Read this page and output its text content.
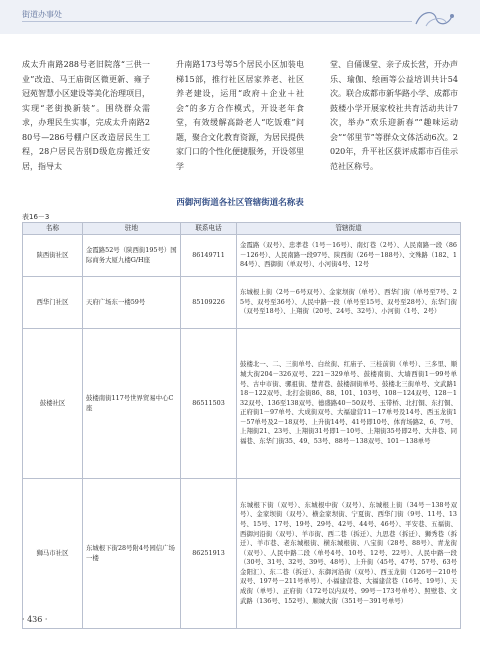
街道办事处
成太升南路288号老旧院落“三供一业”改造、马王庙街区微更新、雍子冠苑智慧小区建设等美化治理项目，实现“老街换新装”。围绕群众需求，办理民生实事，完成太升南路280号—286号棚户区改造居民生工程，28户居民告别D级危房搬迁安居，指导太
升南路173号等5个居民小区加装电梯15部，推行社区居家养老、社区养老建设，运用“政府＋企业＋社会”的多方合作模式，开设老年食堂，有效缓解高龄老人“吃饭难”问题，聚合文化教育资源，为居民提供家门口的个性化便捷服务，开设邻里学
堂、自俑课堂、亲子成长营，开办声乐、瑜伽、绘画等公益培训共计54次。联合成都市新华路小学、成都市鼓楼小学开展家校社共育活动共计7次，举办“欢乐迎新春”“趣味运动会”“邻里节”等群众文体活动6次。2020年，升平社区获评成都市百佳示范社区称号。
西御河街道各社区管辖街道名称表
表16－3
名称	驻地	联系电话	管辖街道
陕西街社区	金霞路52号（陕西街195号）国际商务大厦九楼G/H座	86149711	金霞路（双号）、忠孝巷（1号－16号）、南灯巷（2号）、人民南路一段（86－126号）、人民南路一段97号、陕西街（26号－188号）、文殊路（182、184号）、西御街（单双号）、小河街4号、12号
西华门社区	天府广场东一楼59号	85109226	东城根上街（2号－6号双号）、金家坝街（单号）、西华门街（单号至7号、25号、双号至36号）、人民中路一段（单号至15号、双号至28号）、东华门街（双号至18号）、上翔街（20号、24号、32号）、小河街（1号、2号）
鼓楼社区	鼓楼南街117号世界贸易中心C座	86511503	鼓楼北一、二、三街单号、白丝街、红庙子、三桂前街（单号）、三多里、顺城大街204－326双号、221－329单号、鼓楼南街、大墙西街1－99号单号、古中市街、骡祖街、楚青巷、鼓楼洞街单号、鼓楼北三街单号、文武路118－122双号、北打金街86、88、101、103号、108－124双号、128－132双号、136至138双号、德盛路40－50双号、玉带桥、北打铜、东打铜、正府街1－97单号、大成街双号、大福建营11－17单号及14号、西玉龙街1－57单号及2－18双号、上升街14号、41号即10号、体育场路2、6、7号、上翔街21、23号、上翔街31号即1－10号、上翔街35号即2号、大井巷、同福巷、东华门街35、49、53号、88号－138双号、101－138单号
狮马市社区	东城根下街28号附4号园信广场一楼	86251913	东城根下街（双号）、东城根中街（双号）、东城根上街（34号－138号双号）、金家坝街（双号）、横金家坝街、宁夏街、西华门街（9号、11号、13号、15号、17号、19号、29号、42号、44号、46号）、平安巷、五福街、西御河沿街（双号）、羊市街、西二巷（拆迁）、九思巷（拆迁）、狮秀巷（拆迁）、羊市巷、老东城根街、横东城根街、八宝街（28号、88号）、青龙街（双号）、人民中路二段（单号4号、10号、12号、22号）、人民中路一段（30号、31号、32号、39号、48号）、上升街（45号、47号、57号、63号金阳汇）、东二巷（拆迁）、东御河沿街（双号）、西玉龙街（126号－210号双号、197号－211号单号）、小福建营巷、大福建营巷（16号、19号）、天成街（单号）、正府街（172号以内双号、99号－173号单号）、照壁巷、文武路（136号、152号）、顺城大街（351号－391号单号）
· 436 ·
